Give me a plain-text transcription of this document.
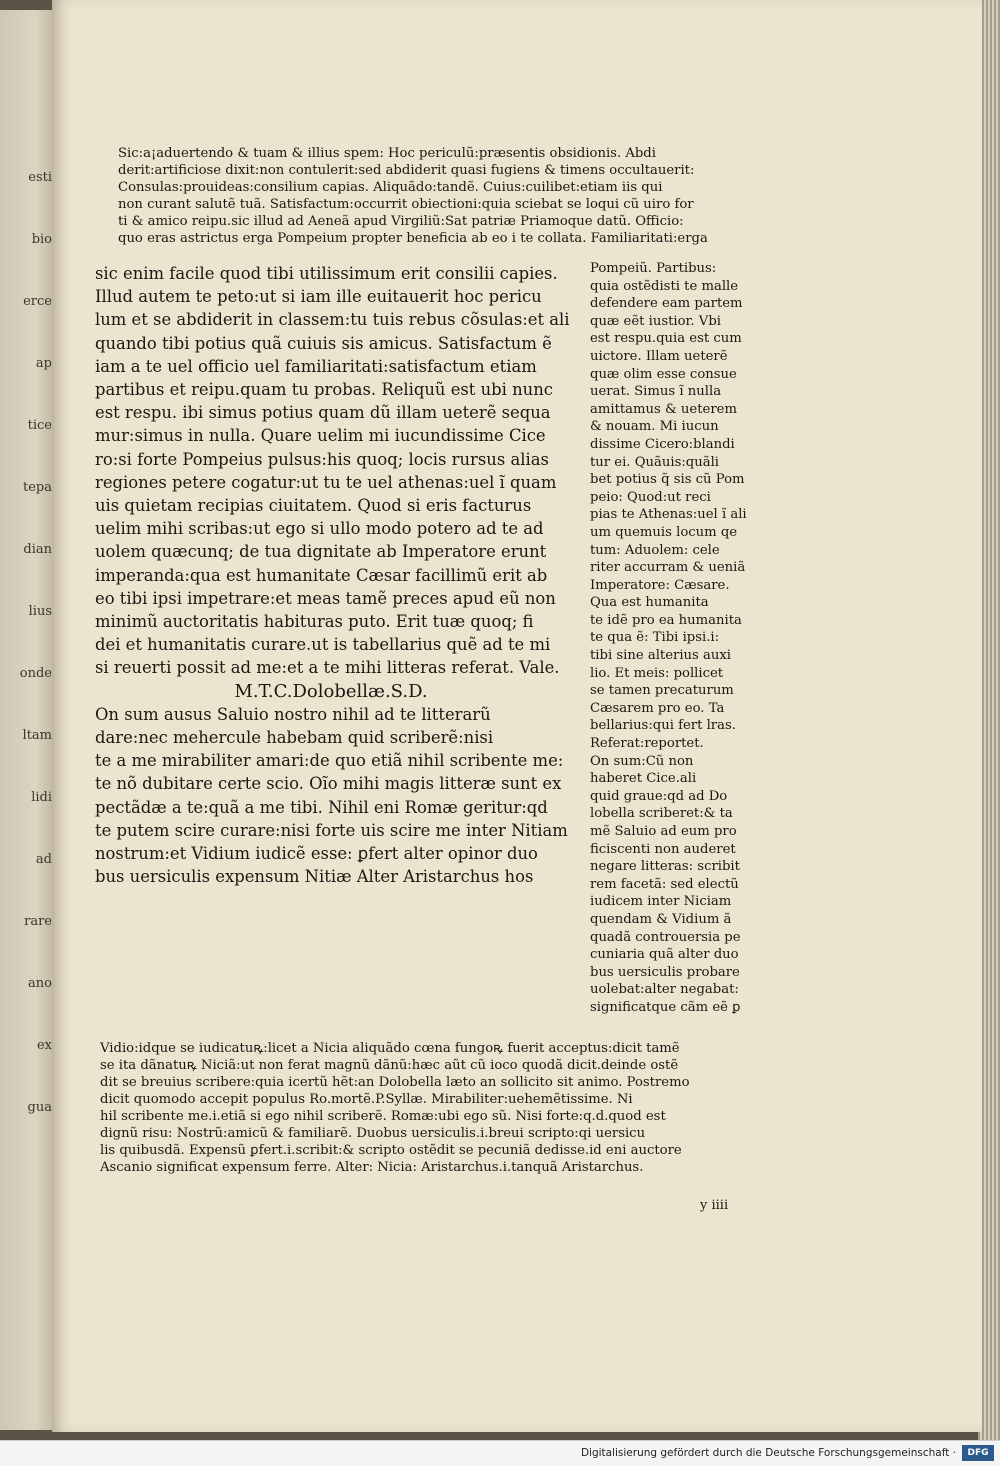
esti
bio
erce
ap
tice
tepa
dian
lius
onde
ltam
lidi
ad
rare
ano
ex
gua
Sic:a¡aduertendo & tuam & illius spem: Hoc periculũ:præsentis obsidionis. Abdi
derit:artificiose dixit:non contulerit:sed abdiderit quasi fugiens & timens occultauerit:
Consulas:prouideas:consilium capias. Aliquãdo:tandẽ. Cuius:cuilibet:etiam iis qui
non curant salutẽ tuã. Satisfactum:occurrit obiectioni:quia sciebat se loqui cũ uiro for
ti & amico reipu.sic illud ad Aeneã apud Virgiliũ:Sat patriæ Priamoque datũ. Officio:
quo eras astrictus erga Pompeium propter beneficia ab eo i te collata. Familiaritati:erga
sic enim facile quod tibi utilissimum erit consilii capies.
Illud autem te peto:ut si iam ille euitauerit hoc pericu
lum et se abdiderit in classem:tu tuis rebus cõsulas:et ali
quando tibi potius quã cuiuis sis amicus. Satisfactum ẽ
iam a te uel officio uel familiaritati:satisfactum etiam
partibus et reipu.quam tu probas. Reliquũ est ubi nunc
est respu. ibi simus potius quam dũ illam ueterẽ sequa
mur:simus in nulla. Quare uelim mi iucundissime Cice
ro:si forte Pompeius pulsus:his quoq; locis rursus alias
regiones petere cogatur:ut tu te uel athenas:uel ĩ quam
uis quietam recipias ciuitatem. Quod si eris facturus
uelim mihi scribas:ut ego si ullo modo potero ad te ad
uolem quæcunq; de tua dignitate ab Imperatore erunt
imperanda:qua est humanitate Cæsar facillimũ erit ab
eo tibi ipsi impetrare:et meas tamẽ preces apud eũ non
minimũ auctoritatis habituras puto. Erit tuæ quoq; fi
dei et humanitatis curare.ut is tabellarius quẽ ad te mi
si reuerti possit ad me:et a te mihi litteras referat. Vale.
M.T.C.Dolobellæ.S.D.
On sum ausus Saluio nostro nihil ad te litterarũ
dare:nec mehercule habebam quid scriberẽ:nisi
te a me mirabiliter amari:de quo etiã nihil scribente me:
te nõ dubitare certe scio. Oĩo mihi magis litteræ sunt ex
pectãdæ a te:quã a me tibi. Nihil eni Romæ geritur:qd
te putem scire curare:nisi forte uis scire me inter Nitiam
nostrum:et Vidium iudicẽ esse: ꝑfert alter opinor duo
bus uersiculis expensum Nitiæ Alter Aristarchus hos
Pompeiũ. Partibus:
quia ostẽdisti te malle
defendere eam partem
quæ eẽt iustior. Vbi
est respu.quia est cum
uictore. Illam ueterẽ
quæ olim esse consue
uerat. Simus ĩ nulla
amittamus & ueterem
& nouam. Mi iucun
dissime Cicero:blandi
tur ei. Quãuis:quãli
bet potius q̃ sis cũ Pom
peio: Quod:ut reci
pias te Athenas:uel ĩ ali
um quemuis locum qe
tum: Aduolem: cele
riter accurram & ueniã
Imperatore: Cæsare.
Qua est humanita
te idẽ pro ea humanita
te qua ẽ: Tibi ipsi.i:
tibi sine alterius auxi
lio. Et meis: pollicet
se tamen precaturum
Cæsarem pro eo. Ta
bellarius:qui fert lras.
Referat:reportet.
On sum:Cũ non
haberet Cice.ali
quid graue:qd ad Do
lobella scriberet:& ta
mẽ Saluio ad eum pro
ficiscenti non auderet
negare litteras: scribit
rem facetã: sed electũ
iudicem inter Niciam
quendam & Vidium ã
quadã controuersia pe
cuniaria quã alter duo
bus uersiculis probare
uolebat:alter negabat:
significatque cãm eẽ ꝑ
Vidio:idque se iudicatuꝶ:licet a Nicia aliquãdo cœna fungoꝶ fuerit acceptus:dicit tamẽ
se ita dãnatuꝶ Niciã:ut non ferat magnũ dãnũ:hæc aũt cũ ioco quodã dicit.deinde ostẽ
dit se breuius scribere:quia icertũ hẽt:an Dolobella læto an sollicito sit animo. Postremo
dicit quomodo accepit populus Ro.mortẽ.P.Syllæ. Mirabiliter:uehemẽtissime. Ni
hil scribente me.i.etiã si ego nihil scriberẽ. Romæ:ubi ego sũ. Nisi forte:q.d.quod est
dignũ risu: Nostrũ:amicũ & familiarẽ. Duobus uersiculis.i.breui scripto:qi uersicu
lis quibusdã. Expensũ ꝑfert.i.scribit:& scripto ostẽdit se pecuniã dedisse.id eni auctore
Ascanio significat expensum ferre. Alter: Nicia: Aristarchus.i.tanquã Aristarchus.
y iiii
Digitalisierung gefördert durch die Deutsche Forschungsgemeinschaft ·	DFG
